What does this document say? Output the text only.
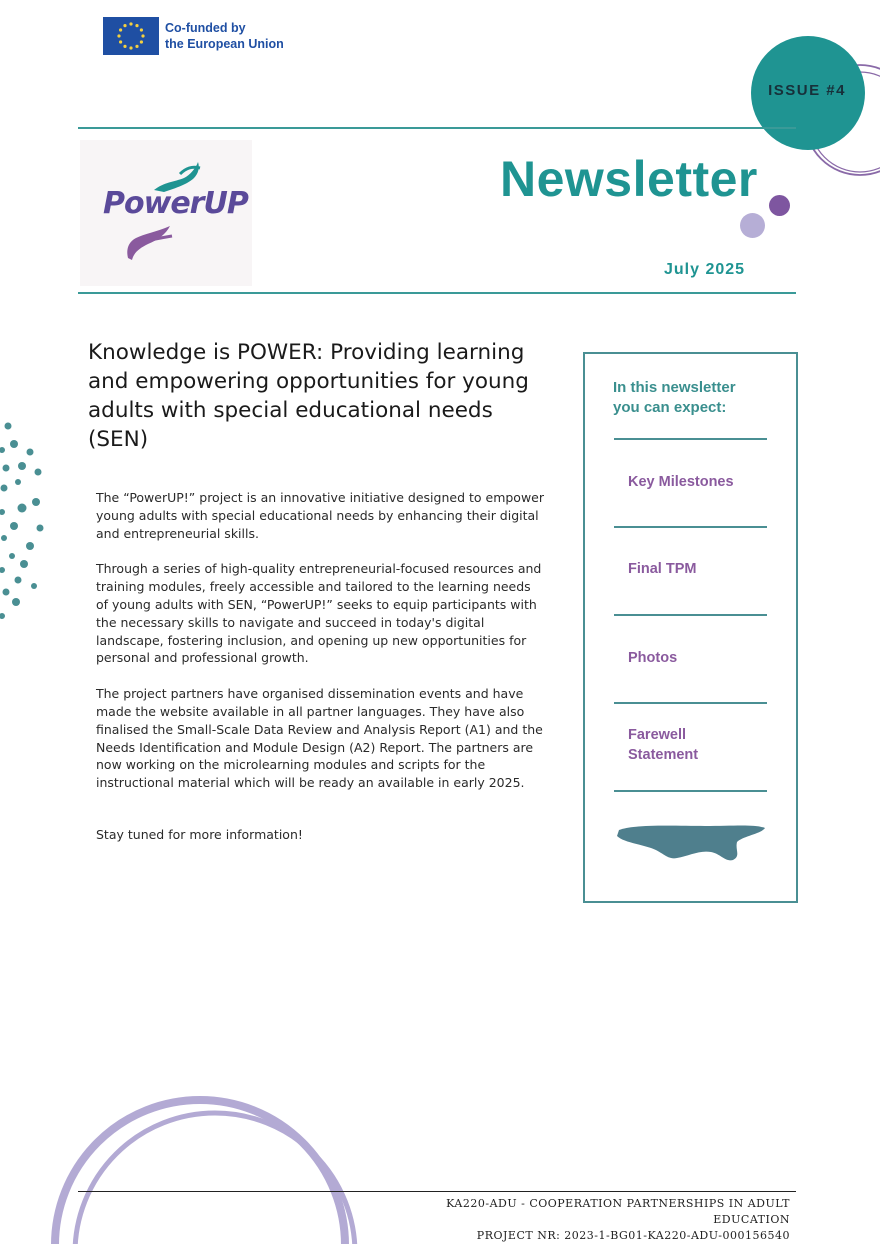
Co-funded by
the European Union
ISSUE #4
PowerUP	Newsletter
July 2025
Knowledge is POWER: Providing learning and empowering opportunities for young adults with special educational needs (SEN)

The “PowerUP!” project is an innovative initiative designed to empower young adults with special educational needs by enhancing their digital and entrepreneurial skills.

Through a series of high-quality entrepreneurial-focused resources and training modules, freely accessible and tailored to the learning needs of young adults with SEN, “PowerUP!” seeks to equip participants with the necessary skills to navigate and succeed in today's digital landscape, fostering inclusion, and opening up new opportunities for personal and professional growth.

The project partners have organised dissemination events and have made the website available in all partner languages. They have also finalised the Small-Scale Data Review and Analysis Report (A1) and the Needs Identification and Module Design (A2) Report. The partners are now working on the microlearning modules and scripts for the instructional material which will be ready an available in early 2025.

Stay tuned for more information!

In this newsletter
you can expect:
Key Milestones
Final TPM
Photos
Farewell
Statement
KA220-ADU - COOPERATION PARTNERSHIPS IN ADULT EDUCATION
PROJECT NR: 2023-1-BG01-KA220-ADU-000156540
